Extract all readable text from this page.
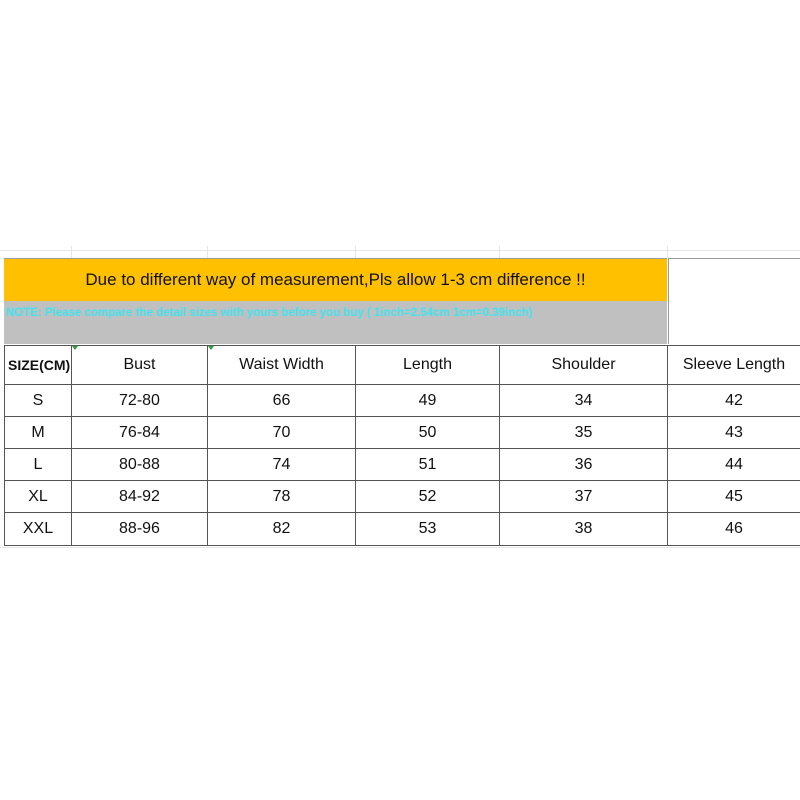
Due to different way of measurement,Pls allow 1-3 cm difference !!
NOTE: Please compare the detail sizes with yours before you buy ( 1inch=2.54cm 1cm=0.39inch)
SIZE(CM)	Bust	Waist Width	Length	Shoulder	Sleeve Length
S	72-80	66	49	34	42
M	76-84	70	50	35	43
L	80-88	74	51	36	44
XL	84-92	78	52	37	45
XXL	88-96	82	53	38	46
